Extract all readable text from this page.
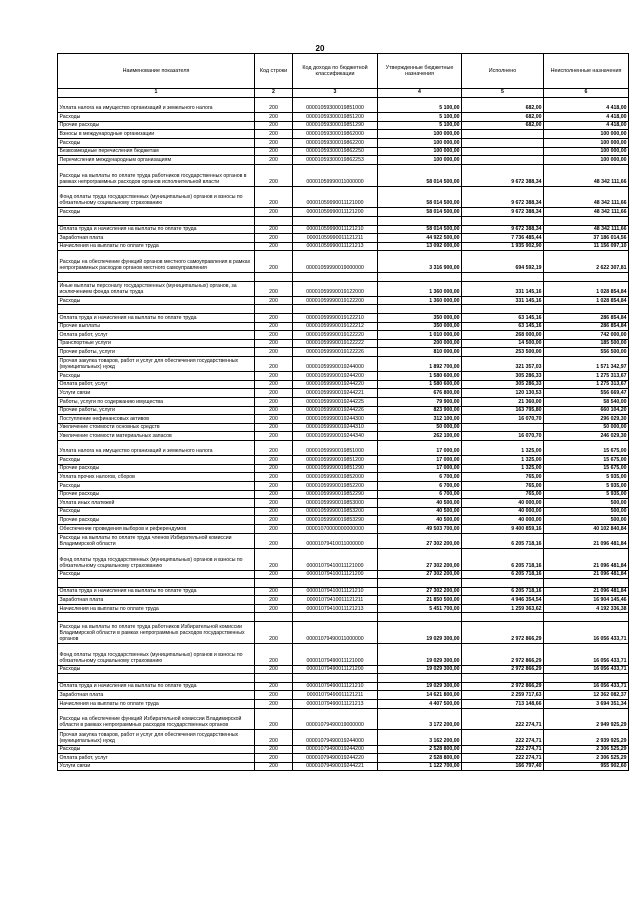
20
Наименование показателя	Код строки	Код дохода по бюджетной классификации	Утвержденные бюджетные назначения	Исполнено	Неисполненные назначения
1	2	3	4	5	6
Уплата налога на имущество организаций и земельного налога	200	00001059300019851000	5 100,00	682,00	4 418,00
Расходы	200	00001059300019851200	5 100,00	682,00	4 418,00
Прочие расходы	200	00001059300019851290	5 100,00	682,00	4 418,00
Взносы в международные организации	200	00001059300019862000	100 000,00		100 000,00
Расходы	200	00001059300019862200	100 000,00		100 000,00
Безвозмездные перечисления бюджетам	200	00001059300019862250	100 000,00		100 000,00
Перечисления международным организациям	200	00001059300019862253	100 000,00		100 000,00
Расходы на выплаты по оплате труда работников государственных органов в рамках непрограммных расходов органов исполнительной власти	200	00001059990011000000	58 014 500,00	9 672 388,34	48 342 111,66
Фонд оплаты труда государственных (муниципальных) органов и взносы по обязательному социальному страхованию	200	00001059990011121000	58 014 500,00	9 672 388,34	48 342 111,66
Расходы	200	00001059990011121200	58 014 500,00	9 672 388,34	48 342 111,66

Оплата труда и начисления на выплаты по оплате труда	200	00001059990011121210	58 014 500,00	9 672 388,34	48 342 111,66
Заработная плата	200	00001059990011121211	44 922 500,00	7 736 485,44	37 186 014,56
Начисления на выплаты по оплате труда	200	00001059990011121213	13 092 000,00	1 935 902,90	11 156 097,10
Расходы на обеспечение функций органов местного самоуправления в рамках непрограммных расходов органов местного самоуправления	200	00001059990019000000	3 316 900,00	694 592,19	2 622 307,81

Иные выплаты персоналу государственных (муниципальных) органов, за исключением фонда оплаты труда	200	00001059990019122000	1 360 000,00	331 145,16	1 028 854,84
Расходы	200	00001059990019122200	1 360 000,00	331 145,16	1 028 854,84

Оплата труда и начисления на выплаты по оплате труда	200	00001059990019122210	350 000,00	63 145,16	286 854,84
Прочие выплаты	200	00001059990019122212	350 000,00	63 145,16	286 854,84
Оплата работ, услуг	200	00001059990019122220	1 010 000,00	268 000,00	742 000,00
Транспортные услуги	200	00001059990019122222	200 000,00	14 500,00	185 500,00
Прочие работы, услуги	200	00001059990019122226	810 000,00	253 500,00	556 500,00
Прочая закупка товаров, работ и услуг для обеспечения государственных (муниципальных) нужд	200	00001059990019244000	1 892 700,00	321 357,03	1 571 342,97
Расходы	200	00001059990019244200	1 580 600,00	305 286,33	1 275 313,67
Оплата работ, услуг	200	00001059990019244220	1 580 600,00	305 286,33	1 275 313,67
Услуги связи	200	00001059990019244221	676 800,00	120 130,53	556 669,47
Работы, услуги по содержанию имущества	200	00001059990019244225	79 900,00	21 360,00	58 540,00
Прочие работы, услуги	200	00001059990019244226	823 900,00	163 795,80	660 104,20
Поступление нефинансовых активов	200	00001059990019244300	312 100,00	16 070,70	296 029,30
Увеличение стоимости основных средств	200	00001059990019244310	50 000,00		50 000,00
Увеличение стоимости материальных запасов	200	00001059990019244340	262 100,00	16 070,70	246 029,30
Уплата налога на имущество организаций и земельного налога	200	00001059990019851000	17 000,00	1 325,00	15 675,00
Расходы	200	00001059990019851200	17 000,00	1 325,00	15 675,00
Прочие расходы	200	00001059990019851290	17 000,00	1 325,00	15 675,00
Уплата прочих налогов, сборов	200	00001059990019852000	6 700,00	765,00	5 935,00
Расходы	200	00001059990019852200	6 700,00	765,00	5 935,00
Прочие расходы	200	00001059990019852290	6 700,00	765,00	5 935,00
Уплата иных платежей	200	00001059990019853000	40 500,00	40 000,00	500,00
Расходы	200	00001059990019853200	40 500,00	40 000,00	500,00
Прочие расходы	200	00001059990019853290	40 500,00	40 000,00	500,00
Обеспечение проведения выборов и референдумов	200	00001070000000000000	49 503 700,00	9 400 859,16	40 102 840,84
Расходы на выплаты по оплате труда членов Избирательной комиссии Владимирской области	200	00001079410011000000	27 302 200,00	6 205 718,16	21 096 481,84
Фонд оплаты труда государственных (муниципальных) органов и взносы по обязательному социальному страхованию	200	00001079410011121000	27 302 200,00	6 205 718,16	21 096 481,84
Расходы	200	00001079410011121200	27 302 200,00	6 205 718,16	21 096 481,84

Оплата труда и начисления на выплаты по оплате труда	200	00001079410011121210	27 302 200,00	6 205 718,16	21 096 481,84
Заработная плата	200	00001079410011121211	21 850 500,00	4 946 354,54	16 904 145,46
Начисления на выплаты по оплате труда	200	00001079410011121213	5 451 700,00	1 259 363,62	4 192 336,38

Расходы на выплаты по оплате труда работников Избирательной комиссии Владимирской области в рамках непрограммных расходов государственных органов	200	00001079490011000000	19 029 300,00	2 972 866,29	16 056 433,71
Фонд оплаты труда государственных (муниципальных) органов и взносы по обязательному социальному страхованию	200	00001079490011121000	19 029 300,00	2 972 866,29	16 056 433,71
Расходы	200	00001079490011121200	19 029 300,00	2 972 866,29	16 056 433,71

Оплата труда и начисления на выплаты по оплате труда	200	00001079490011121210	19 029 300,00	2 972 866,29	16 056 433,71
Заработная плата	200	00001079490011121211	14 621 800,00	2 259 717,63	12 362 082,37
Начисления на выплаты по оплате труда	200	00001079490011121213	4 407 500,00	713 148,66	3 694 351,34
Расходы на обеспечение функций Избирательной комиссии Владимирской области в рамках непрограммных расходов государственных органов	200	00001079490019000000	3 172 200,00	222 274,71	2 949 925,29
Прочая закупка товаров, работ и услуг для обеспечения государственных (муниципальных) нужд	200	00001079490019244000	3 162 200,00	222 274,71	2 939 925,29
Расходы	200	00001079490019244200	2 528 800,00	222 274,71	2 306 525,29
Оплата работ, услуг	200	00001079490019244220	2 528 800,00	222 274,71	2 306 525,29
Услуги связи	200	00001079490019244221	1 122 700,00	166 797,40	955 902,60
